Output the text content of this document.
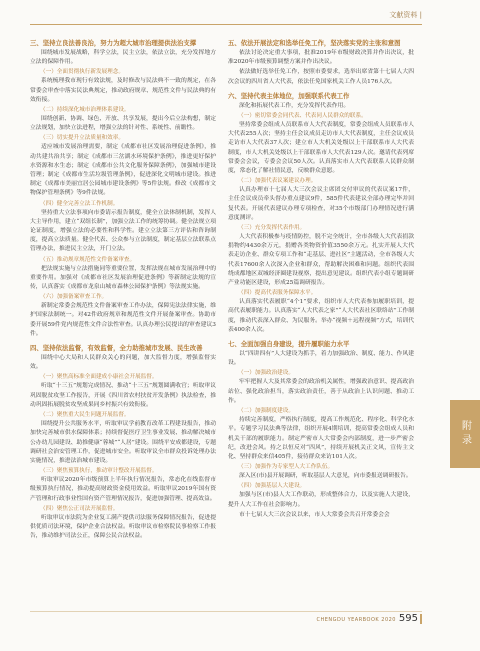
文献资料 |
三、坚持立良法善良治，努力为超大城市治理提供法治支撑

围绕城市发展战略，科学立法，民主立法，依法立法，充分发挥地方立法的保障作用。

（一）全面贯彻执行新发展理念。

系统梳理我市现行有效法规，及时修改与民法典不一致的规定，在各常委会审查中落实民法典规定，推动政府规章、规范性文件与民法典的有效衔接。

（二）持续深化城市治理体系建设。

围绕创新、协调、绿色、开放、共享发展，提出今后立法构想，制定立法规划，加快立法进程，增强立法的针对性、系统性、前瞻性。

（三）切实提升立法质量和效率。

适应城市发展治理需要，制定《成都市社区发展治理促进条例》，推动共建共治共享；制定《成都市三岔湖水环境保护条例》，推进更好保护水资源和水生态；制定《成都市公共文化服务保障条例》，加强城市建设管理；制定《成都市生活垃圾管理条例》，促进深化文明城市建设。推进制定《成都市美丽宜居公园城市建设条例》等5件法规。修改《成都市文物保护管理条例》等9件法规。

（四）健全完善立法工作机制。

坚持重大立法事项向市委请示报告制度，健全立法体制机制，发挥人大主导作用，建立“双组长制”，加强立法工作的统筹协调。健全法规立项论证制度，增强立法的必要性和科学性。建立立法第三方评估和咨询制度，提高立法质量。健全代表、公众参与立法制度，制定基层立法联系点管理办法，推进民主立法，开门立法。

（五）推动规章规范性文件备案审查。

把法规实施与立法措施同等重要位置，发挥法规在城市发展治理中的重要作用。加强对《成都市社区发展治理促进条例》等新制定法规的宣传，认真落实《成都市龙泉山城市森林公园保护条例》等法规实施。

（六）加强备案审查工作。

新制定常委会规范性文件备案审查工作办法，保障宪法法律实施，维护国家法制统一。对42件政府规章和规范性文件开展备案审查。协助市委开展59件党内规范性文件合法性审查。认真办理公民提出的审查建议3件。

四、坚持依法监督，有效监督，全力助推城市发展、民生改善

围绕中心大局和人民群众关心的问题，加大监督力度，增强监督实效。

（一）聚焦高标准全面建成小康社会开展监督。

听取“十三五”规划完成情况、推动“十三五”规划圆满收官；听取审议巩固脱贫攻坚工作报告，开展《四川省农村扶贫开发条例》执法检查，推动巩固拓展脱贫攻坚成果同乡村振兴有效衔接。

（二）聚焦重大民生问题开展监督。

围绕提升公共服务水平，听取审议学前教育改革工程建设报告，推动加快完善城市供水保障体系；持续督促医疗卫生事业发展、推动解决城市公办幼儿园建设、助推健康“蓉城”“人居”建设。围绕平安成都建设，专题调研社会治安管理工作，促进城市安全。听取审议全市群众投诉处理办法实施情况，推进法治城市建设。

（三）聚焦预算执行，推动审计整改开展监督。

听取审议2020年市级预算上半年执行情况报告，常态化在线监督市级预算执行情况，推动提高财政资金使用效益。听取审议2019年国有资产管理和行政事业性国有资产管理情况报告，促进加强管理、提高效益。

（四）聚焦公正司法开展监督。

听取审议市法院为企业复工满产提供司法服务保障情况报告，促进提供优质司法环境，保护企业合法权益。听取审议市检察院民事检察工作报告，推动维护司法公正，保障公民合法权益。

五、依法开展法定和选举任免工作，坚决落实党的主张和意图

依法讨论决定重大事项，批准2019年市级财政决算并作出决议，批准2020年市级预算调整方案并作出决议。

依法做好选举任免工作，按照市委要求，选举出席省第十七届人大四次会议的四川省人大代表，依法任免国家机关工作人员176人次。

六、坚持代表主体地位，加强联系代表工作

深化和拓展代表工作，充分发挥代表作用。

（一）密切常委会同代表、代表同人民群众的联系。

坚持常委会组成人员联系市人大代表制度，常委会组成人员联系市人大代表255人次；坚持主任会议成员走访市人大代表制度，主任会议成员走访市人大代表37人次；建立市人大机关处级以上干部联系市人大代表制度，市人大机关处级以上干部联系市人大代表129人次。邀请代表列席常委会会议，专委会会议50人次。认真落实市人大代表联系人民群众制度，常态化了解社情民意，反映群众意愿。

（二）加强代表议案建议办理。

认真办理市十七届人大三次会议主席团交付审议的代表议案17件，主任会议成员牵头督办重点建议9件，585件代表建议全部办理完毕并回复代表。开展代表建议办理专项检查，对35个市级部门办理情况进行满意度测评。

（三）充分发挥代表作用。

人大代表积极参与疫情防控，脱不完全统计，全市各级人大代表捐款捐物约4430余万元，捐赠各类物资价值3550余万元。扎实开展人大代表走访企业、群众专项工作和“走基层、进社区”主题活动，全市各级人大代表17600余人次深入企业和群众，帮助解决困难和问题。组织代表围绕成都地区双城经济圈建设视察，提出意见建议。组织代表小组专题调研产业功能区建设，形成25篇调研报告。

（四）提高代表服务保障水平。

认真落实代表履职“4个1”要求，组织市人大代表参加履职培训，提高代表履职能力。认真落实“人大代表之家”“人大代表社区联络站”工作制度，推动代表深入群众、为民服务。举办“视频＋远程视频”方式，培训代表400余人次。

七、全面加强自身建设，提升履职能力水平

以“四讲四有”人大建设为抓手，着力加强政治、制度、能力、作风建设。

（一）加强政治建设。

牢牢把握人大及其常委会的政治机关属性，增强政治意识、提高政治站位、强化政治担当，落实政治责任，善于从政治上认识问题、推动工作。

（二）加强制度建设。

持续完善制度，严格执行制度，提高工作规范化、程序化、科学化水平。专题学习民法典等法律，组织开展4期培训，提高常委会组成人员和机关干部的履职能力。制定严密市人大常委会内部制度，进一步严密会纪，改进会风。持之以恒反对“四风”，持续开展机关正文风，宣传主文化、坚持群众来信405件，接待群众来访101人次。

（三）加强作为专家型人大工作队伍。

深入区(市)县开展调研，听取基层人大意见，向市委报送调研报告。

（四）加强基层人大建设。

加强与区(市)县人大工作联动，形成整体合力，以及实施人大建设，提升人大工作在社会影响力。

市十七届人大三次会议以来，市人大常委会共召开常委会会

附录
CHENGDU YEARBOOK 2020 595
